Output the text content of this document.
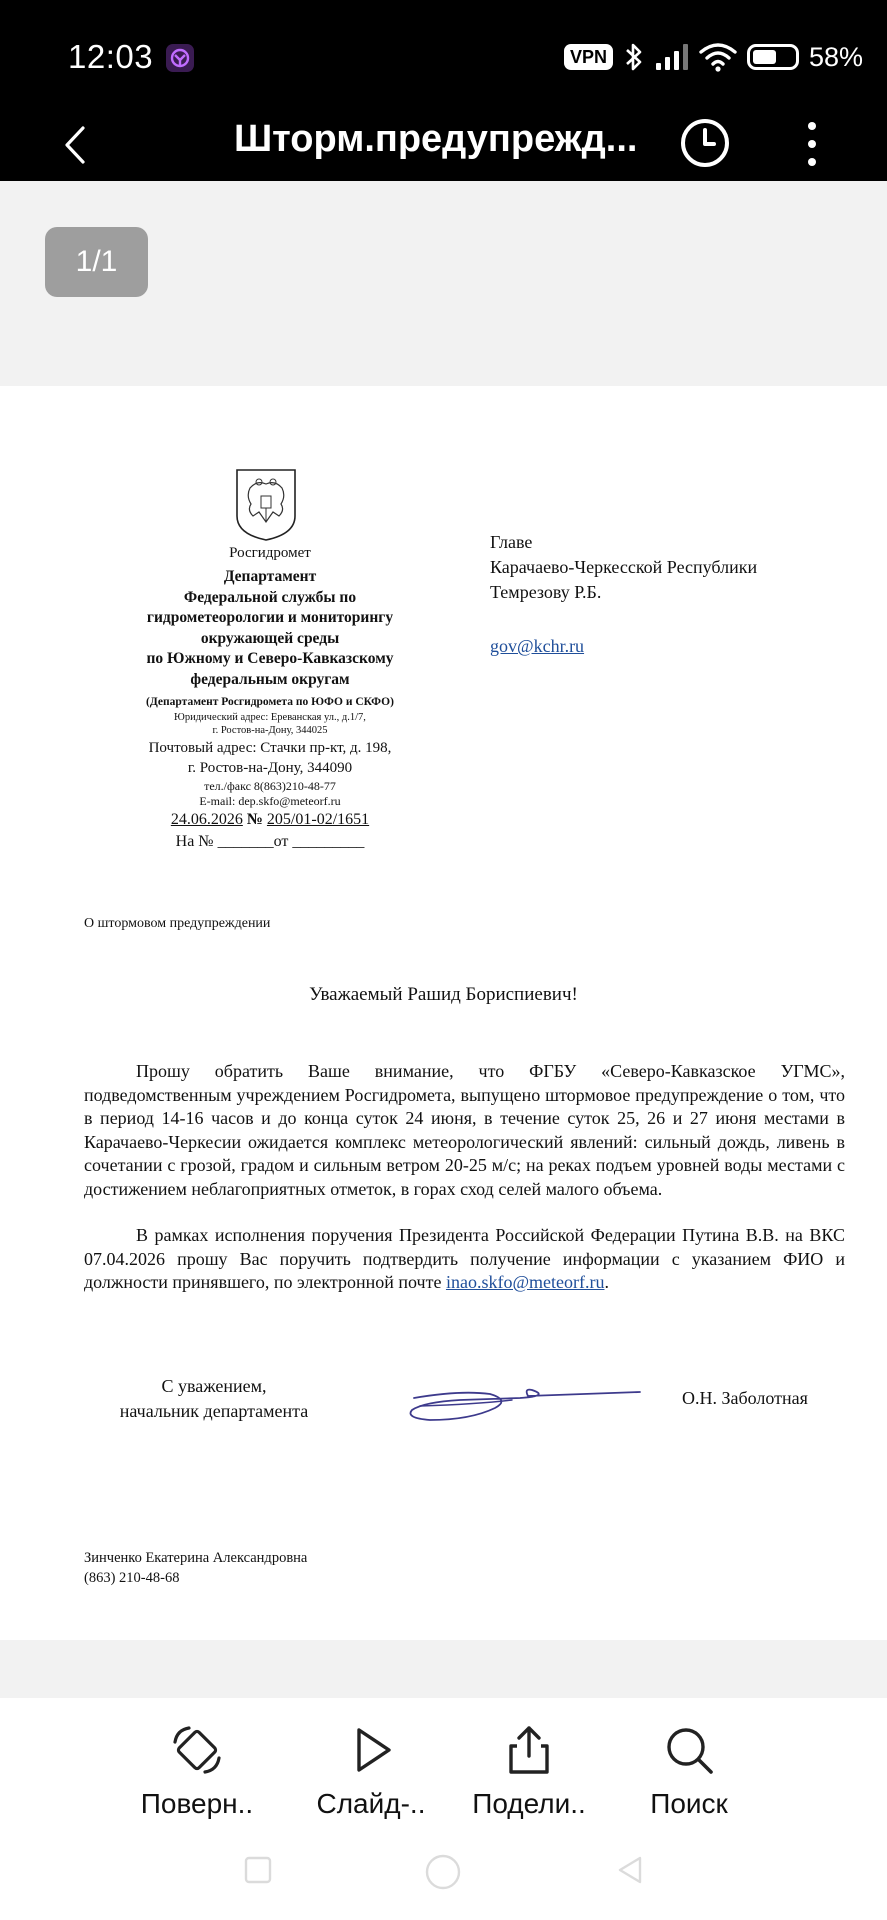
12:03	VPN	58%
Шторм.предупрежд...
1/1
Росгидромет
Департамент
Федеральной службы по
гидрометеорологии и мониторингу
окружающей среды
по Южному и Северо-Кавказскому
федеральным округам
(Департамент Росгидромета по ЮФО и СКФО)
Юридический адрес: Ереванская ул., д.1/7,
г. Ростов-на-Дону, 344025
Почтовый адрес: Стачки пр-кт, д. 198,
г. Ростов-на-Дону, 344090
тел./факс 8(863)210-48-77
E-mail: dep.skfo@meteorf.ru
24.06.2026 № 205/01-02/1651
На № _______от _________
Главе
Карачаево-Черкесской Республики
Темрезову Р.Б.
gov@kchr.ru
О штормовом предупреждении
Уважаемый Рашид Бориспиевич!
Прошу обратить Ваше внимание, что ФГБУ «Северо-Кавказское УГМС», подведомственным учреждением Росгидромета, выпущено штормовое предупреждение о том, что в период 14-16 часов и до конца суток 24 июня, в течение суток 25, 26 и 27 июня местами в Карачаево-Черкесии ожидается комплекс метеорологический явлений: сильный дождь, ливень в сочетании с грозой, градом и сильным ветром 20-25 м/с; на реках подъем уровней воды местами с достижением неблагоприятных отметок, в горах сход селей малого объема.
В рамках исполнения поручения Президента Российской Федерации Путина В.В. на ВКС 07.04.2026 прошу Вас поручить подтвердить получение информации с указанием ФИО и должности принявшего, по электронной почте inao.skfo@meteorf.ru.
С уважением,
начальник департамента
О.Н. Заболотная
Зинченко Екатерина Александровна
(863) 210-48-68
Поверн..	Слайд-..	Подели..	Поиск
